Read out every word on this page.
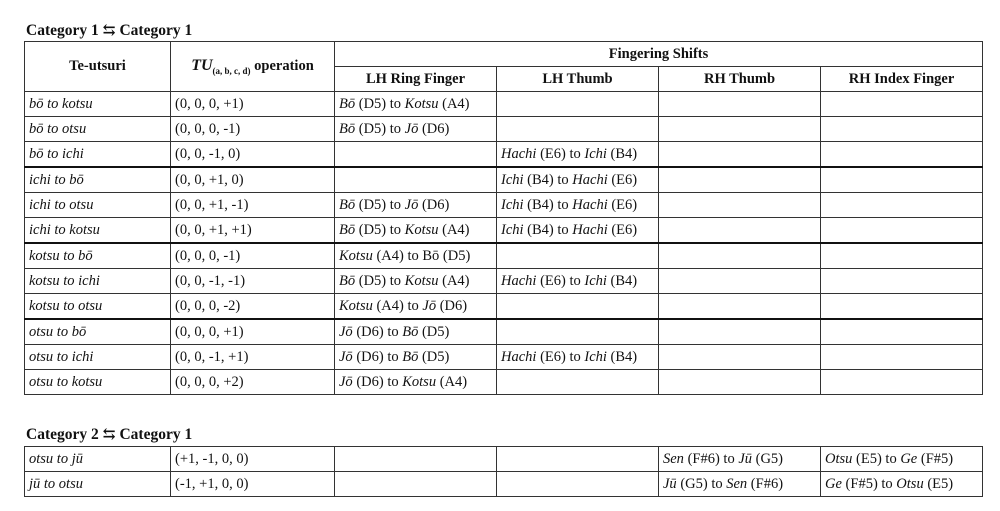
Category 1 ⇆ Category 1
Te-utsuri	$TU_{(a, b, c, d)}$ operation	Fingering Shifts			
		LH Ring Finger	LH Thumb	RH Thumb	RH Index Finger
bō to kotsu	(0, 0, 0, +1)	Bō (D5) to Kotsu (A4)			
bō to otsu	(0, 0, 0, -1)	Bō (D5) to Jō (D6)			
bō to ichi	(0, 0, -1, 0)		Hachi (E6) to Ichi (B4)		
ichi to bō	(0, 0, +1, 0)		Ichi (B4) to Hachi (E6)		
ichi to otsu	(0, 0, +1, -1)	Bō (D5) to Jō (D6)	Ichi (B4) to Hachi (E6)		
ichi to kotsu	(0, 0, +1, +1)	Bō (D5) to Kotsu (A4)	Ichi (B4) to Hachi (E6)		
kotsu to bō	(0, 0, 0, -1)	Kotsu (A4) to Bō (D5)			
kotsu to ichi	(0, 0, -1, -1)	Bō (D5) to Kotsu (A4)	Hachi (E6) to Ichi (B4)		
kotsu to otsu	(0, 0, 0, -2)	Kotsu (A4) to Jō (D6)			
otsu to bō	(0, 0, 0, +1)	Jō (D6) to Bō (D5)			
otsu to ichi	(0, 0, -1, +1)	Jō (D6) to Bō (D5)	Hachi (E6) to Ichi (B4)		
otsu to kotsu	(0, 0, 0, +2)	Jō (D6) to Kotsu (A4)			
Category 2 ⇆ Category 1
otsu to jū	(+1, -1, 0, 0)			Sen (F#6) to Jū (G5)	Otsu (E5) to Ge (F#5)
jū to otsu	(-1, +1, 0, 0)			Jū (G5) to Sen (F#6)	Ge (F#5) to Otsu (E5)
